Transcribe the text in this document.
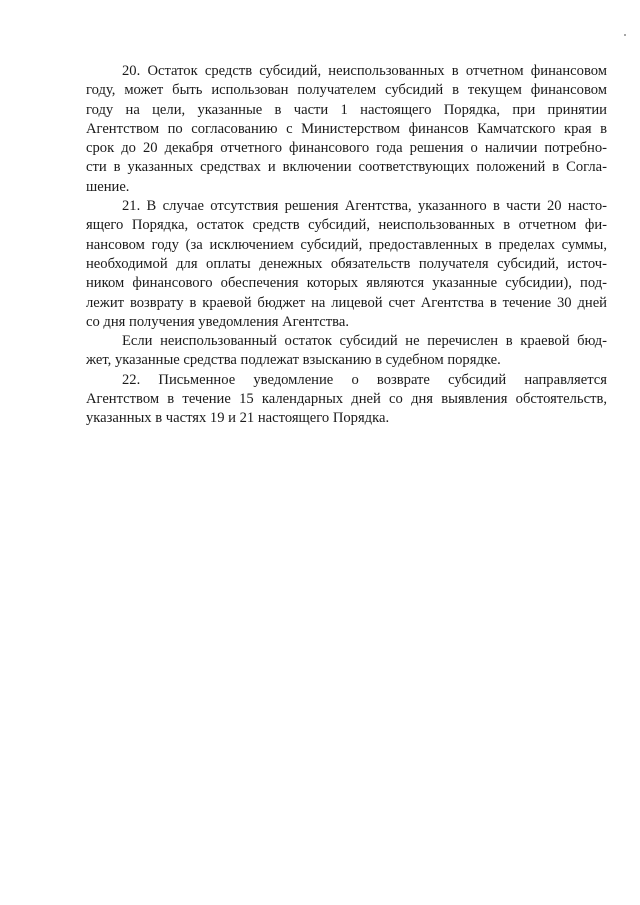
20. Остаток средств субсидий, неиспользованных в отчетном финансовом
году, может быть использован получателем субсидий в текущем финансовом
году на цели, указанные в части 1 настоящего Порядка, при принятии
Агентством по согласованию с Министерством финансов Камчатского края в
срок до 20 декабря отчетного финансового года решения о наличии потребно-
сти в указанных средствах и включении соответствующих положений в Согла-
шение.
21. В случае отсутствия решения Агентства, указанного в части 20 насто-
ящего Порядка, остаток средств субсидий, неиспользованных в отчетном фи-
нансовом году (за исключением субсидий, предоставленных в пределах суммы,
необходимой для оплаты денежных обязательств получателя субсидий, источ-
ником финансового обеспечения которых являются указанные субсидии), под-
лежит возврату в краевой бюджет на лицевой счет Агентства в течение 30 дней
со дня получения уведомления Агентства.
Если неиспользованный остаток субсидий не перечислен в краевой бюд-
жет, указанные средства подлежат взысканию в судебном порядке.
22. Письменное уведомление о возврате субсидий направляется
Агентством в течение 15 календарных дней со дня выявления обстоятельств,
указанных в частях 19 и 21 настоящего Порядка.
